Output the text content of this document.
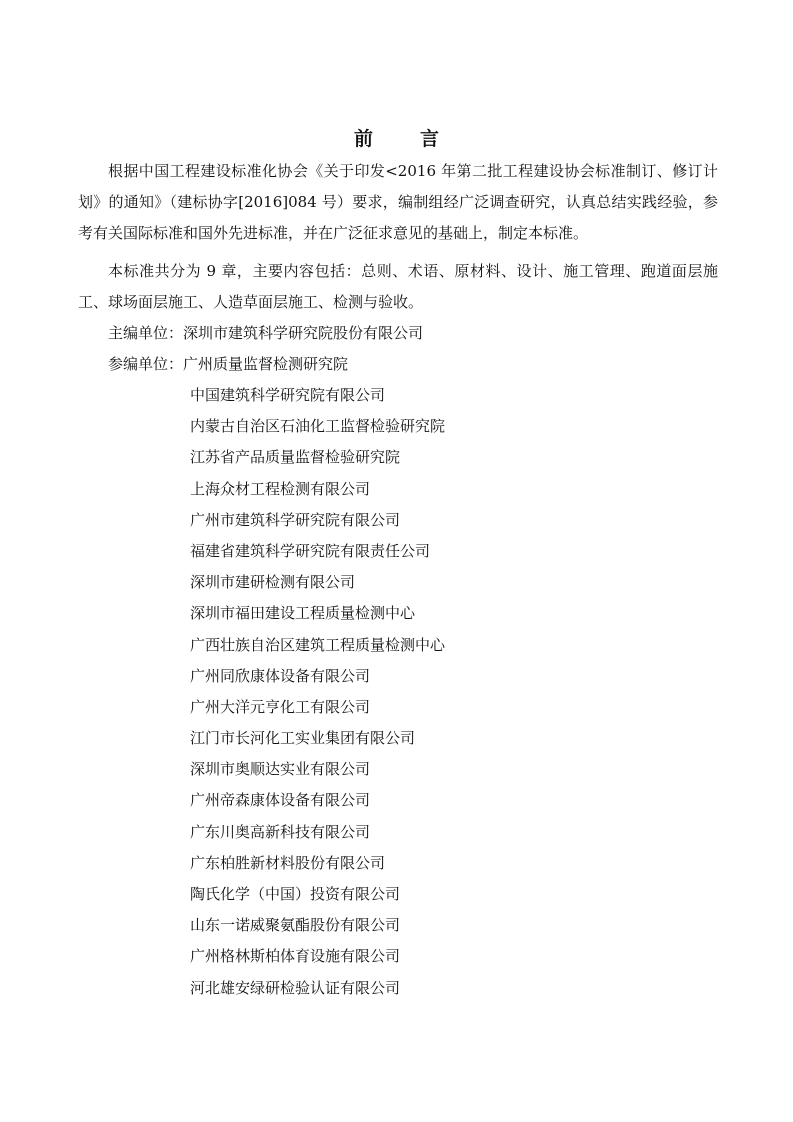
前　言

根据中国工程建设标准化协会《关于印发<2016 年第二批工程建设协会标准制订、修订计划》的通知》（建标协字[2016]084 号）要求，编制组经广泛调查研究，认真总结实践经验，参考有关国际标准和国外先进标准，并在广泛征求意见的基础上，制定本标准。

本标准共分为 9 章，主要内容包括：总则、术语、原材料、设计、施工管理、跑道面层施工、球场面层施工、人造草面层施工、检测与验收。

主编单位：深圳市建筑科学研究院股份有限公司
参编单位：广州质量监督检测研究院
中国建筑科学研究院有限公司
内蒙古自治区石油化工监督检验研究院
江苏省产品质量监督检验研究院
上海众材工程检测有限公司
广州市建筑科学研究院有限公司
福建省建筑科学研究院有限责任公司
深圳市建研检测有限公司
深圳市福田建设工程质量检测中心
广西壮族自治区建筑工程质量检测中心
广州同欣康体设备有限公司
广州大洋元亨化工有限公司
江门市长河化工实业集团有限公司
深圳市奥顺达实业有限公司
广州帝森康体设备有限公司
广东川奥高新科技有限公司
广东柏胜新材料股份有限公司
陶氏化学（中国）投资有限公司
山东一诺威聚氨酯股份有限公司
广州格林斯柏体育设施有限公司
河北雄安绿研检验认证有限公司
